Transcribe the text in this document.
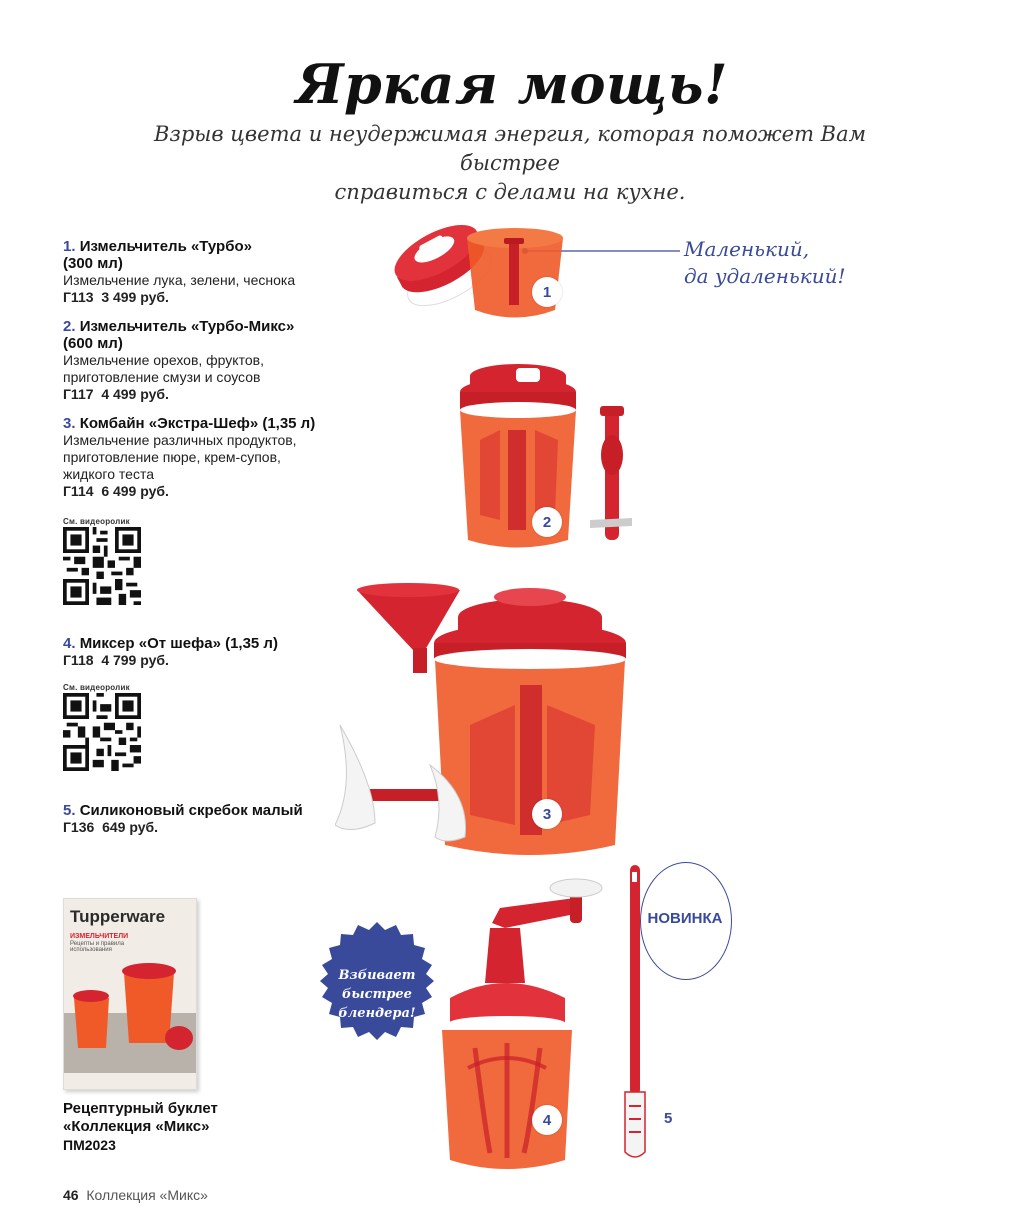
Яркая мощь!
Взрыв цвета и неудержимая энергия, которая поможет Вам быстрее
справиться с делами на кухне.
1. Измельчитель «Турбо»
(300 мл)
Измельчение лука, зелени, чеснока
Г113 3 499 руб.
2. Измельчитель «Турбо-Микс»
(600 мл)
Измельчение орехов, фруктов,
приготовление смузи и соусов
Г117 4 499 руб.
3. Комбайн «Экстра-Шеф» (1,35 л)
Измельчение различных продуктов,
приготовление пюре, крем-супов,
жидкого теста
Г114 6 499 руб.
См. видеоролик
4. Миксер «От шефа» (1,35 л)
Г118 4 799 руб.
См. видеоролик
5. Силиконовый скребок малый
Г136 649 руб.
Маленький,
да удаленький!
1
2
3
Tupperware
ИЗМЕЛЬЧИТЕЛИ
Рецепты и правила
использования
Рецептурный буклет
«Коллекция «Микс»
ПМ2023
Взбивает
быстрее
блендера!
4
НОВИНКА
5
46 Коллекция «Микс»
